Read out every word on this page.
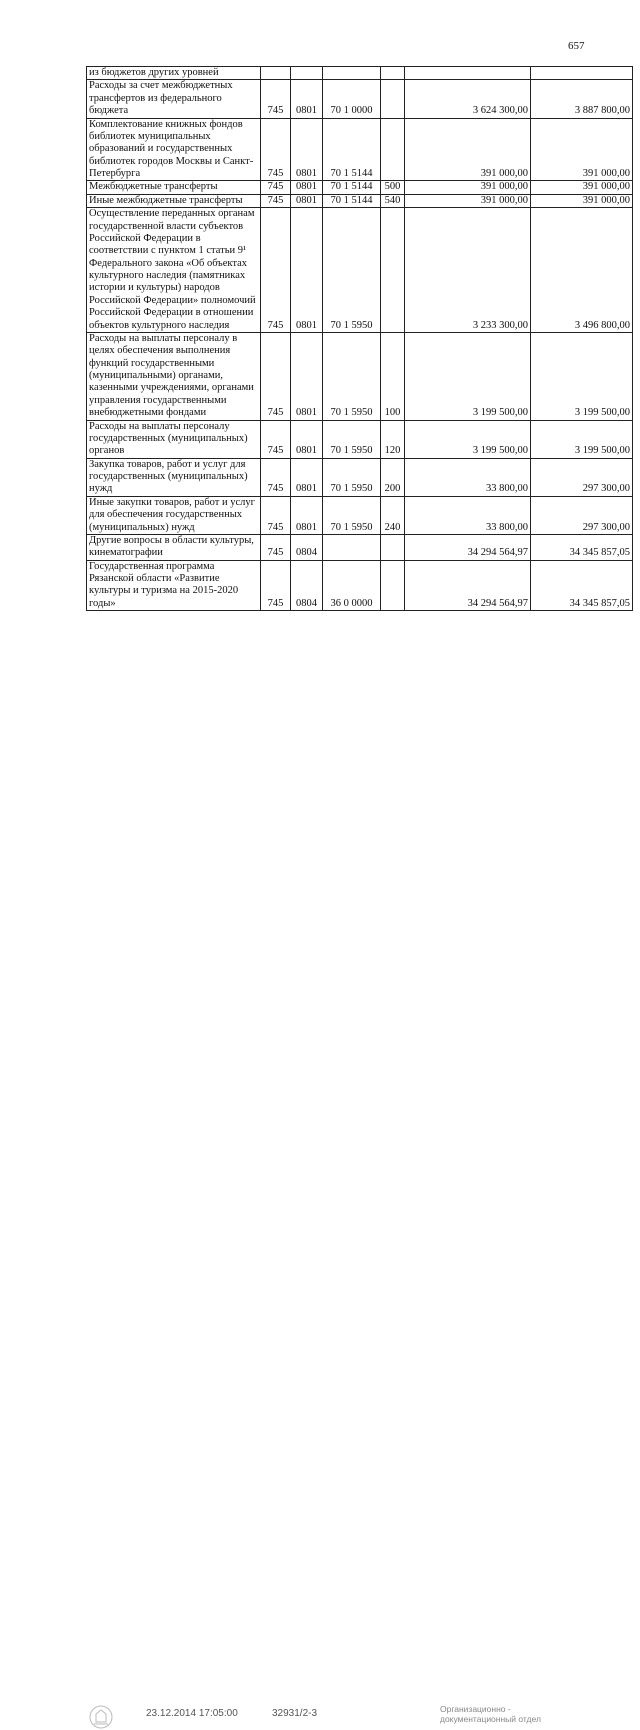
657
из бюджетов других уровней						
Расходы за счет межбюджетных трансфертов из федерального бюджета	745	0801	70 1 0000		3 624 300,00	3 887 800,00
Комплектование книжных фондов библиотек муниципальных образований и государственных библиотек городов Москвы и Санкт-Петербурга	745	0801	70 1 5144		391 000,00	391 000,00
Межбюджетные трансферты	745	0801	70 1 5144	500	391 000,00	391 000,00
Иные межбюджетные трансферты	745	0801	70 1 5144	540	391 000,00	391 000,00
Осуществление переданных органам государственной власти субъектов Российской Федерации в соответствии с пунктом 1 статьи 9¹ Федерального закона «Об объектах культурного наследия (памятниках истории и культуры) народов Российской Федерации» полномочий Российской Федерации в отношении объектов культурного наследия	745	0801	70 1 5950		3 233 300,00	3 496 800,00
Расходы на выплаты персоналу в целях обеспечения выполнения функций государственными (муниципальными) органами, казенными учреждениями, органами управления государственными внебюджетными фондами	745	0801	70 1 5950	100	3 199 500,00	3 199 500,00
Расходы на выплаты персоналу государственных (муниципальных) органов	745	0801	70 1 5950	120	3 199 500,00	3 199 500,00
Закупка товаров, работ и услуг для государственных (муниципальных) нужд	745	0801	70 1 5950	200	33 800,00	297 300,00
Иные закупки товаров, работ и услуг для обеспечения государственных (муниципальных) нужд	745	0801	70 1 5950	240	33 800,00	297 300,00
Другие вопросы в области культуры, кинематографии	745	0804			34 294 564,97	34 345 857,05
Государственная программа Рязанской области «Развитие культуры и туризма на 2015-2020 годы»	745	0804	36 0 0000		34 294 564,97	34 345 857,05
23.12.2014 17:05:00	32931/2-3	Организационно -
документационный отдел
